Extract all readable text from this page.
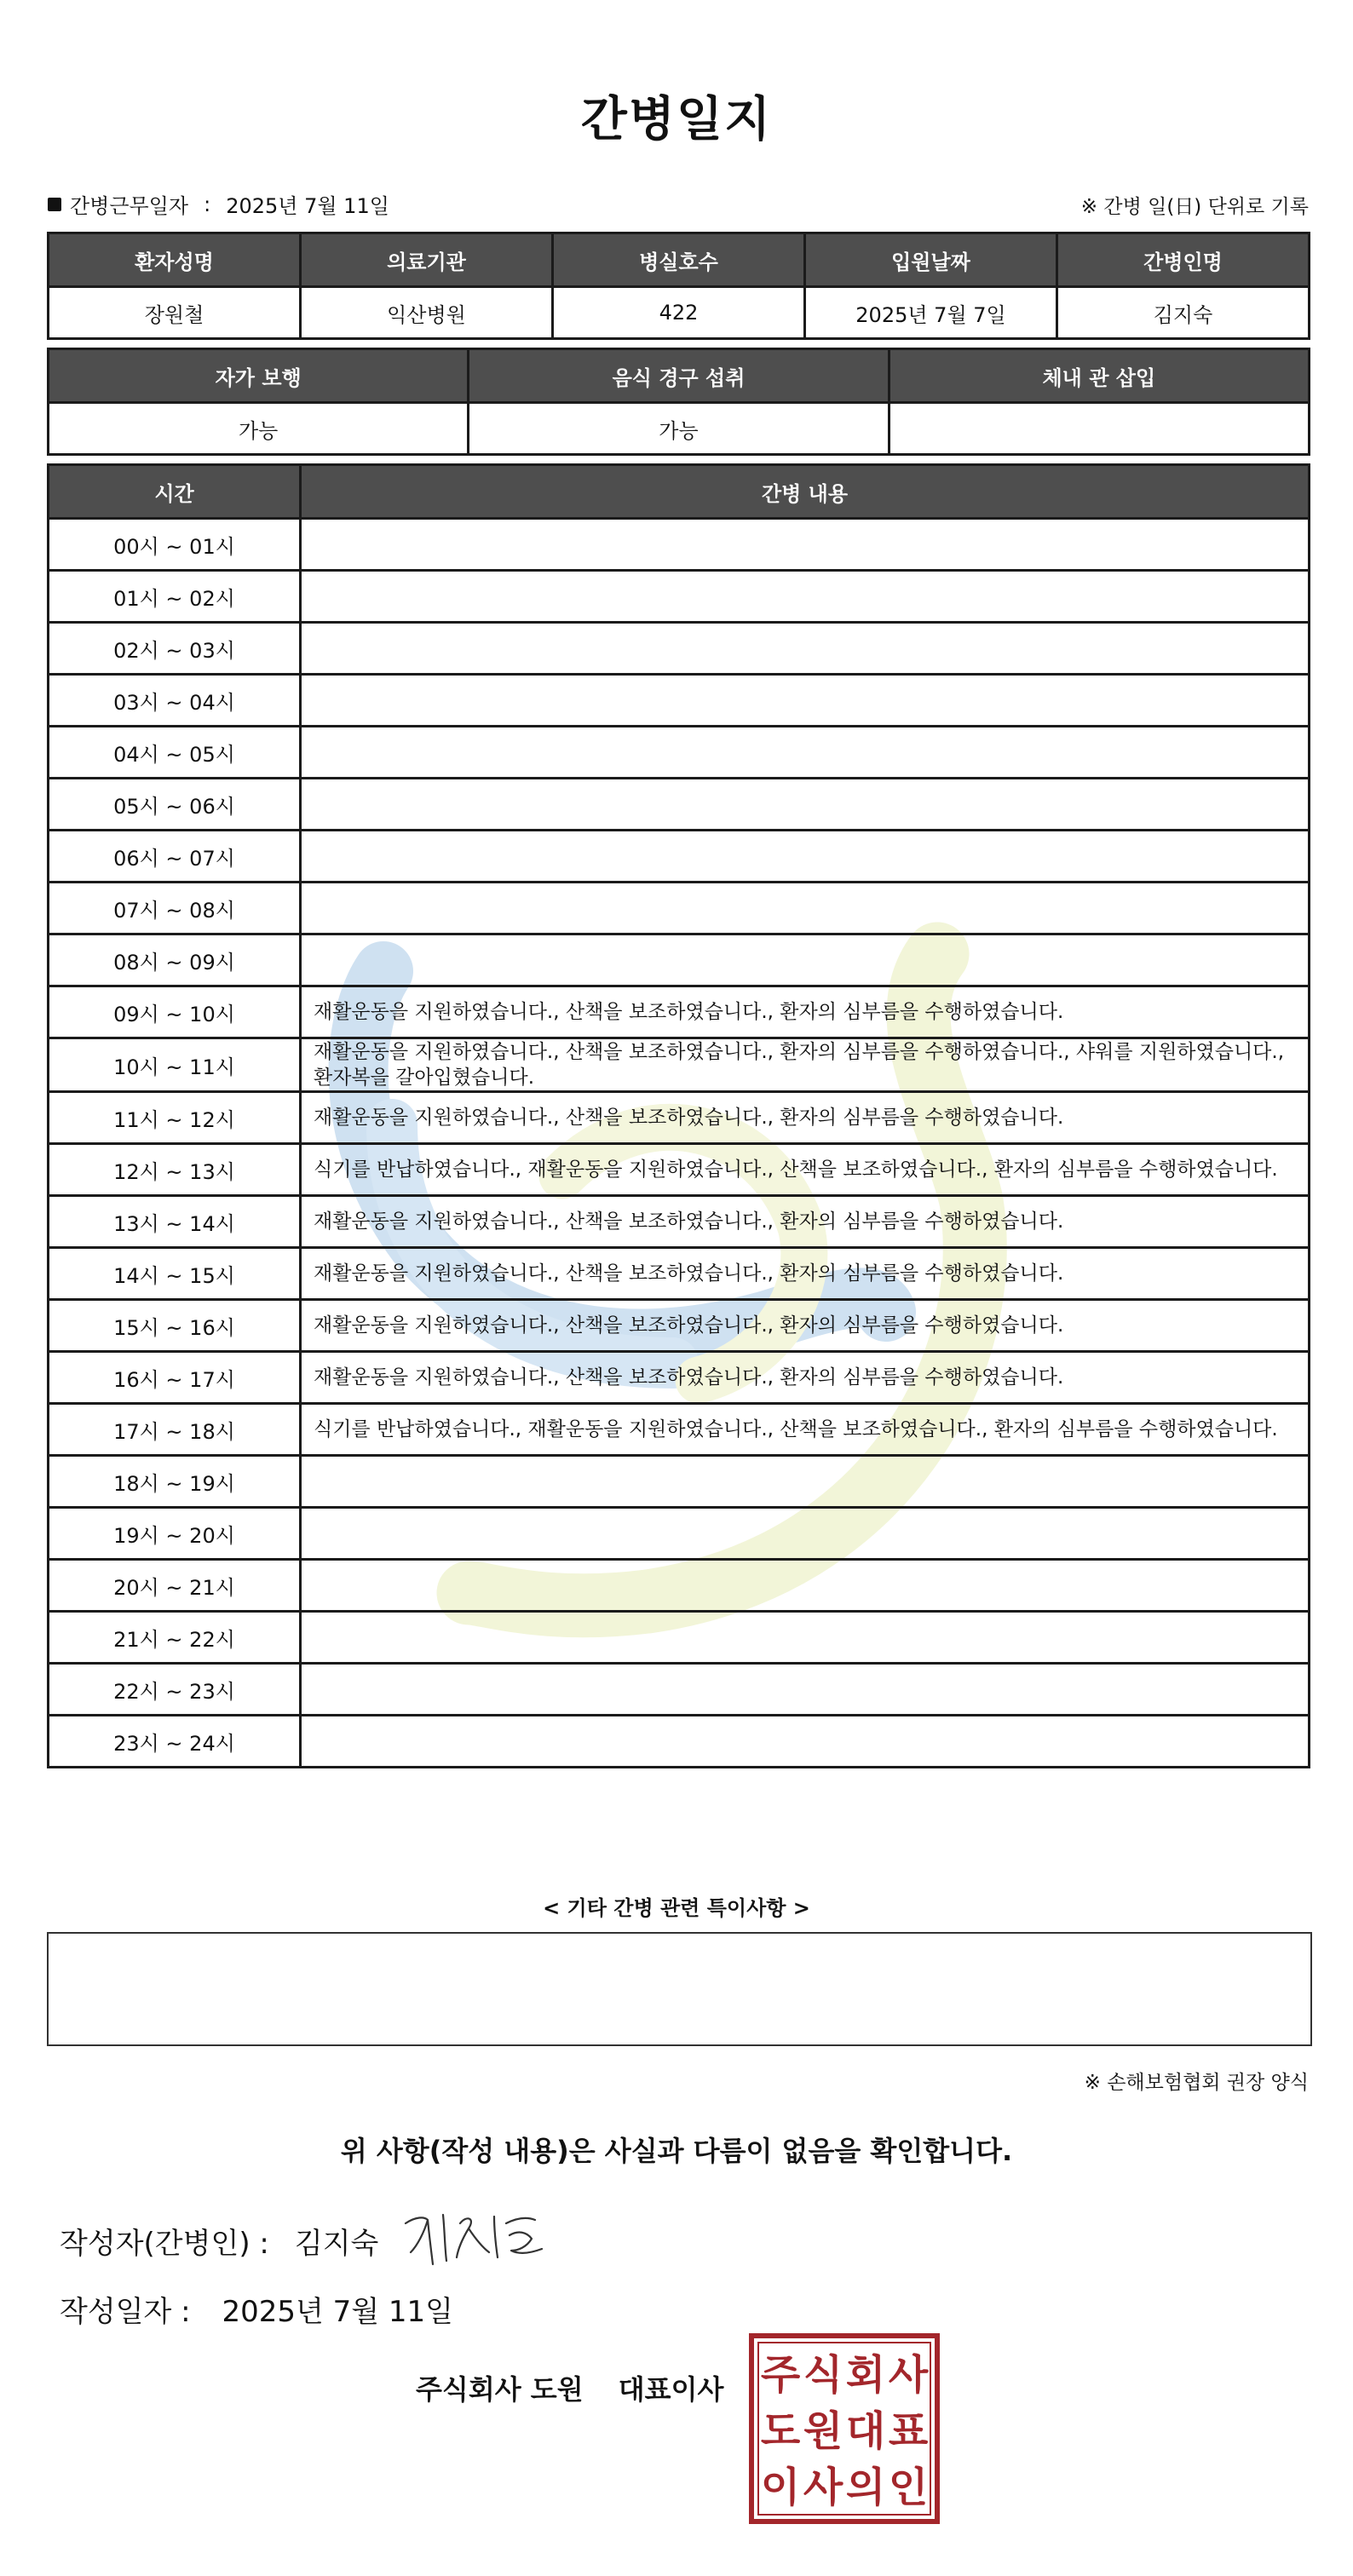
간병일지
간병근무일자 : 2025년 7월 11일	※ 간병 일(日) 단위로 기록
환자성명	의료기관	병실호수	입원날짜	간병인명
장원철	익산병원	422	2025년 7월 7일	김지숙
자가 보행	음식 경구 섭취	체내 관 삽입
가능	가능	
시간	간병 내용
00시 ~ 01시	
01시 ~ 02시	
02시 ~ 03시	
03시 ~ 04시	
04시 ~ 05시	
05시 ~ 06시	
06시 ~ 07시	
07시 ~ 08시	
08시 ~ 09시	
09시 ~ 10시	재활운동을 지원하였습니다., 산책을 보조하였습니다., 환자의 심부름을 수행하였습니다.
10시 ~ 11시	재활운동을 지원하였습니다., 산책을 보조하였습니다., 환자의 심부름을 수행하였습니다., 샤워를 지원하였습니다., 환자복을 갈아입혔습니다.
11시 ~ 12시	재활운동을 지원하였습니다., 산책을 보조하였습니다., 환자의 심부름을 수행하였습니다.
12시 ~ 13시	식기를 반납하였습니다., 재활운동을 지원하였습니다., 산책을 보조하였습니다., 환자의 심부름을 수행하였습니다.
13시 ~ 14시	재활운동을 지원하였습니다., 산책을 보조하였습니다., 환자의 심부름을 수행하였습니다.
14시 ~ 15시	재활운동을 지원하였습니다., 산책을 보조하였습니다., 환자의 심부름을 수행하였습니다.
15시 ~ 16시	재활운동을 지원하였습니다., 산책을 보조하였습니다., 환자의 심부름을 수행하였습니다.
16시 ~ 17시	재활운동을 지원하였습니다., 산책을 보조하였습니다., 환자의 심부름을 수행하였습니다.
17시 ~ 18시	식기를 반납하였습니다., 재활운동을 지원하였습니다., 산책을 보조하였습니다., 환자의 심부름을 수행하였습니다.
18시 ~ 19시	
19시 ~ 20시	
20시 ~ 21시	
21시 ~ 22시	
22시 ~ 23시	
23시 ~ 24시	
< 기타 간병 관련 특이사항 >
※ 손해보험협회 권장 양식
위 사항(작성 내용)은 사실과 다름이 없음을 확인합니다.
작성자(간병인) : 김지숙
작성일자 : 2025년 7월 11일
주식회사 도원 대표이사 주 식 회 사
도 원 대 표
이 사 의 인
